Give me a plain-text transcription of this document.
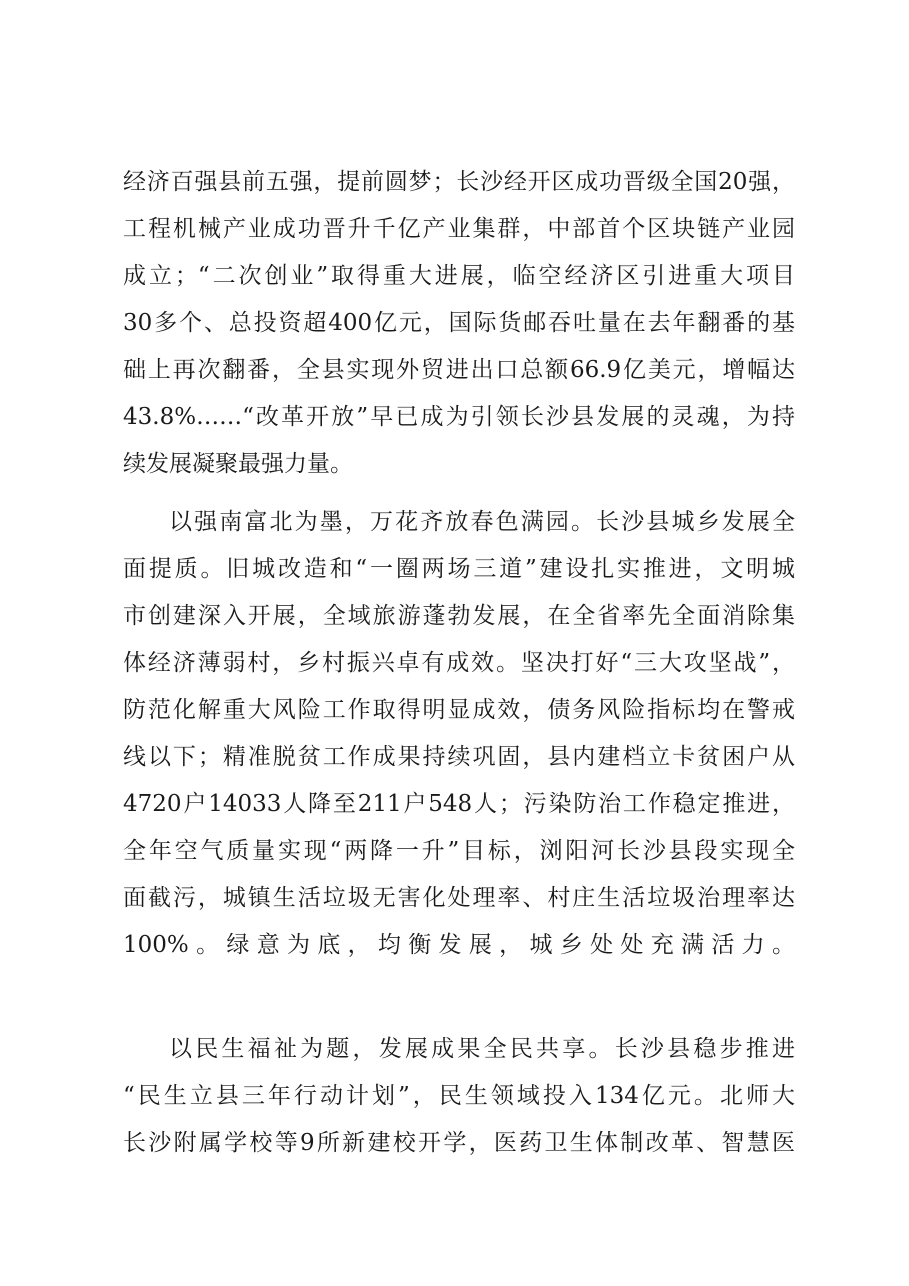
经济百强县前五强，提前圆梦；长沙经开区成功晋级全国20强，
工程机械产业成功晋升千亿产业集群，中部首个区块链产业园
成立；“二次创业”取得重大进展，临空经济区引进重大项目
30多个、总投资超400亿元，国际货邮吞吐量在去年翻番的基
础上再次翻番，全县实现外贸进出口总额66.9亿美元，增幅达
43.8%……“改革开放”早已成为引领长沙县发展的灵魂，为持
续发展凝聚最强力量。
以强南富北为墨，万花齐放春色满园。长沙县城乡发展全
面提质。旧城改造和“一圈两场三道”建设扎实推进，文明城
市创建深入开展，全域旅游蓬勃发展，在全省率先全面消除集
体经济薄弱村，乡村振兴卓有成效。坚决打好“三大攻坚战”，
防范化解重大风险工作取得明显成效，债务风险指标均在警戒
线以下；精准脱贫工作成果持续巩固，县内建档立卡贫困户从
4720户14033人降至211户548人；污染防治工作稳定推进，
全年空气质量实现“两降一升”目标，浏阳河长沙县段实现全
面截污，城镇生活垃圾无害化处理率、村庄生活垃圾治理率达
100%。绿意为底，均衡发展，城乡处处充满活力。
以民生福祉为题，发展成果全民共享。长沙县稳步推进
“民生立县三年行动计划”，民生领域投入134亿元。北师大
长沙附属学校等9所新建校开学，医药卫生体制改革、智慧医
